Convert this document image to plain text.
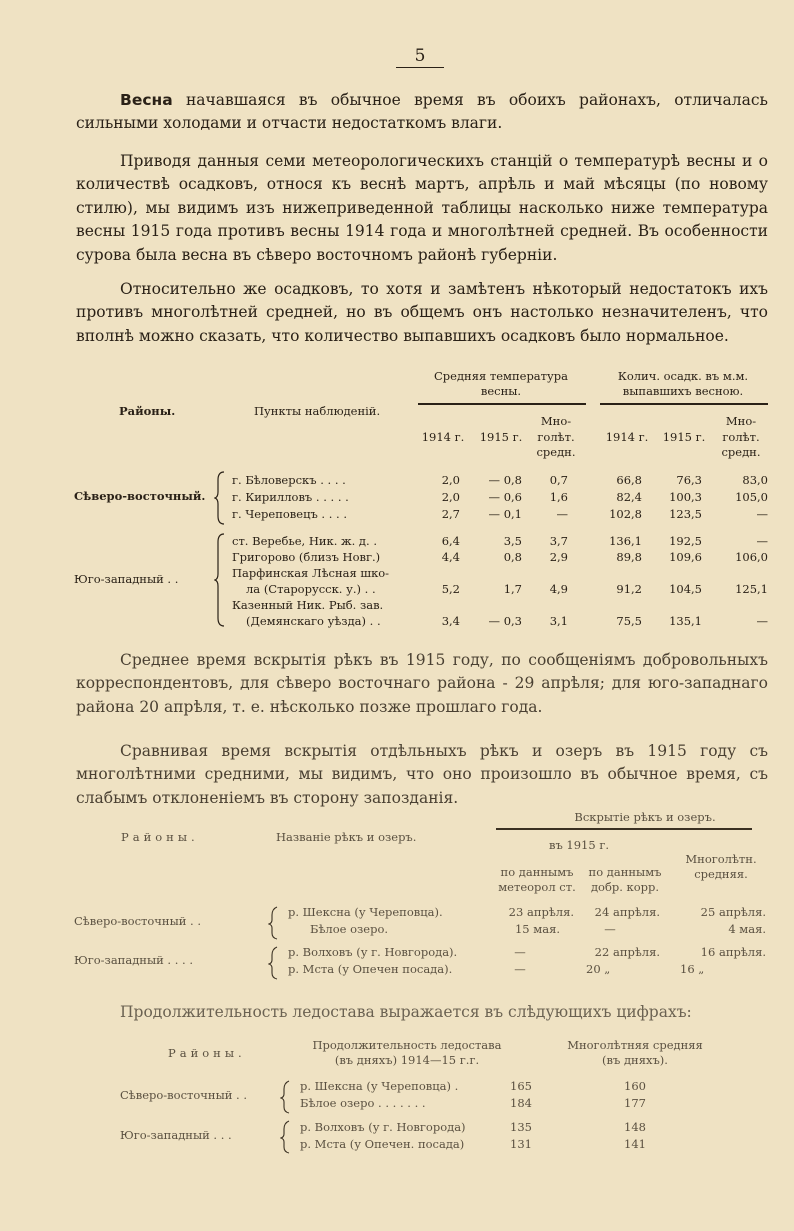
5

Весна начавшаяся въ обычное время въ обоихъ районахъ, отличалась сильными холодами и отчасти недостаткомъ влаги.

Приводя данныя семи метеорологическихъ станцій о температурѣ весны и о количествѣ осадковъ, относя къ веснѣ мартъ, апрѣль и май мѣсяцы (по новому стилю), мы видимъ изъ нижеприведенной таблицы насколько ниже температура весны 1915 года противъ весны 1914 года и многолѣтней средней. Въ особенности сурова была весна въ сѣверо восточномъ районѣ губерніи.

Относительно же осадковъ, то хотя и замѣтенъ нѣкоторый недостатокъ ихъ противъ многолѣтней средней, но въ общемъ онъ настолько незначителенъ, что вполнѣ можно сказать, что количество выпавшихъ осадковъ было нормальное.

Средняя температура
весны.
Колич. осадк. въ м.м.
выпавшихъ весною.
Районы.	Пункты наблюденій.
1914 г.	1915 г.
Мно-
голѣт.
средн.
1914 г.	1915 г.
Мно-
голѣт.
средн.
Сѣверо-восточный.
Юго-западный . .
г. Бѣловерскъ . . . .	2,0	— 0,8	0,7	66,8	76,3	83,0
г. Кирилловъ . . . . .	2,0	— 0,6	1,6	82,4	100,3	105,0
г. Череповецъ . . . .	2,7	— 0,1	—	102,8	123,5	—
ст. Веребье, Ник. ж. д. .	6,4	3,5	3,7	136,1	192,5	—
Григорово (близъ Новг.)	4,4	0,8	2,9	89,8	109,6	106,0
Парфинская Лѣсная шко-
ла (Старорусск. у.) . .	5,2	1,7	4,9	91,2	104,5	125,1
Казенный Ник. Рыб. зав.
(Демянскаго уѣзда) . .	3,4	— 0,3	3,1	75,5	135,1	—

Среднее время вскрытія рѣкъ въ 1915 году, по сообщеніямъ добровольныхъ корреспондентовъ, для сѣверо восточнаго района - 29 апрѣля; для юго-западнаго района 20 апрѣля, т. е. нѣсколько позже прошлаго года.

Сравнивая время вскрытія отдѣльныхъ рѣкъ и озеръ въ 1915 году съ многолѣтними средними, мы видимъ, что оно произошло въ обычное время, съ слабымъ отклоненіемъ въ сторону запозданія.

Вскрытіе рѣкъ и озеръ.
Районы.	Названіе рѣкъ и озеръ.
въ 1915 г.
по даннымъ
метеорол ст.
по даннымъ
добр. корр.
Многолѣтн.
средняя.
Сѣверо-восточный . .
Юго-западный . . . .
р. Шексна (у Череповца).	23 апрѣля.	24 апрѣля.	25 апрѣля.
Бѣлое озеро.	15 мая.	—	4 мая.
р. Волховъ (у г. Новгорода).	—	22 апрѣля.	16 апрѣля.
р. Мста (у Опечен посада).	—	20 „	16 „

Продолжительность ледостава выражается въ слѣдующихъ цифрахъ:

Районы.
Продолжительность ледостава
(въ дняхъ) 1914—15 г.г.
Многолѣтняя средняя
(въ дняхъ).
Сѣверо-восточный . .
Юго-западный . . .
р. Шексна (у Череповца) .	165	160
Бѣлое озеро . . . . . . .	184	177
р. Волховъ (у г. Новгорода)	135	148
р. Мста (у Опечен. посада)	131	141
